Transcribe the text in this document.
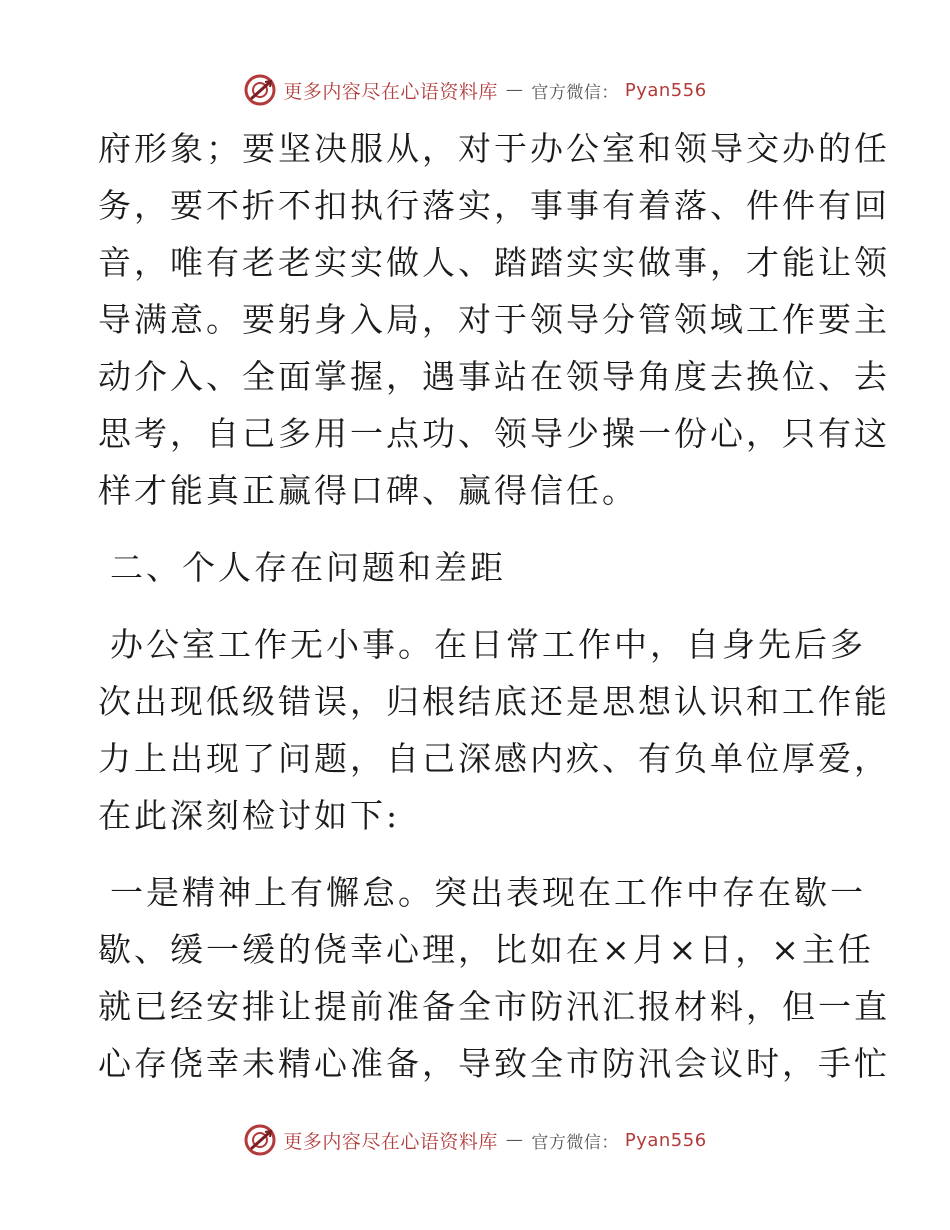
更多内容尽在心语资料库 — 官方微信： Pyan556
府形象；要坚决服从，对于办公室和领导交办的任
务，要不折不扣执行落实，事事有着落、件件有回
音，唯有老老实实做人、踏踏实实做事，才能让领
导满意。要躬身入局，对于领导分管领域工作要主
动介入、全面掌握，遇事站在领导角度去换位、去
思考，自己多用一点功、领导少操一份心，只有这
样才能真正赢得口碑、赢得信任。
二、个人存在问题和差距
办公室工作无小事。在日常工作中，自身先后多
次出现低级错误，归根结底还是思想认识和工作能
力上出现了问题，自己深感内疚、有负单位厚爱，
在此深刻检讨如下:
一是精神上有懈怠。突出表现在工作中存在歇一
歇、缓一缓的侥幸心理，比如在×月×日，×主任
就已经安排让提前准备全市防汛汇报材料，但一直
心存侥幸未精心准备，导致全市防汛会议时，手忙
更多内容尽在心语资料库 — 官方微信： Pyan556
